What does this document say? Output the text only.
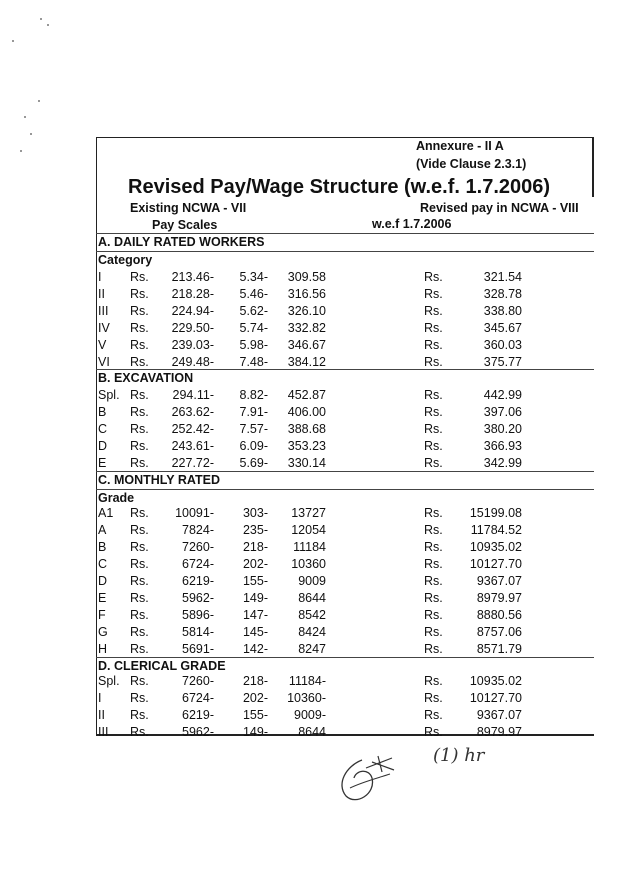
Annexure - II A
(Vide Clause 2.3.1)
Revised Pay/Wage Structure (w.e.f. 1.7.2006)
Existing NCWA - VII	Revised pay in NCWA - VIII
Pay Scales	w.e.f 1.7.2006
A. DAILY RATED WORKERS
Category
I	Rs.	213.46-	5.34-	309.58	Rs.	321.54
II	Rs.	218.28-	5.46-	316.56	Rs.	328.78
III	Rs.	224.94-	5.62-	326.10	Rs.	338.80
IV	Rs.	229.50-	5.74-	332.82	Rs.	345.67
V	Rs.	239.03-	5.98-	346.67	Rs.	360.03
VI	Rs.	249.48-	7.48-	384.12	Rs.	375.77
B. EXCAVATION
Spl. Rs.	294.11-	8.82-	452.87	Rs.	442.99
B	Rs.	263.62-	7.91-	406.00	Rs.	397.06
C	Rs.	252.42-	7.57-	388.68	Rs.	380.20
D	Rs.	243.61-	6.09-	353.23	Rs.	366.93
E	Rs.	227.72-	5.69-	330.14	Rs.	342.99
C. MONTHLY RATED
Grade
A1	Rs.	10091-	303-	13727	Rs.	15199.08
A	Rs.	7824-	235-	12054	Rs.	11784.52
B	Rs.	7260-	218-	11184	Rs.	10935.02
C	Rs.	6724-	202-	10360	Rs.	10127.70
D	Rs.	6219-	155-	9009	Rs.	9367.07
E	Rs.	5962-	149-	8644	Rs.	8979.97
F	Rs.	5896-	147-	8542	Rs.	8880.56
G	Rs.	5814-	145-	8424	Rs.	8757.06
H	Rs.	5691-	142-	8247	Rs.	8571.79
D. CLERICAL GRADE
Spl. Rs.	7260-	218-	11184-	Rs.	10935.02
I	Rs.	6724-	202-	10360-	Rs.	10127.70
II	Rs.	6219-	155-	9009-	Rs.	9367.07
III	Rs.	5962-	149-	8644	Rs.	8979.97
(1) hr
